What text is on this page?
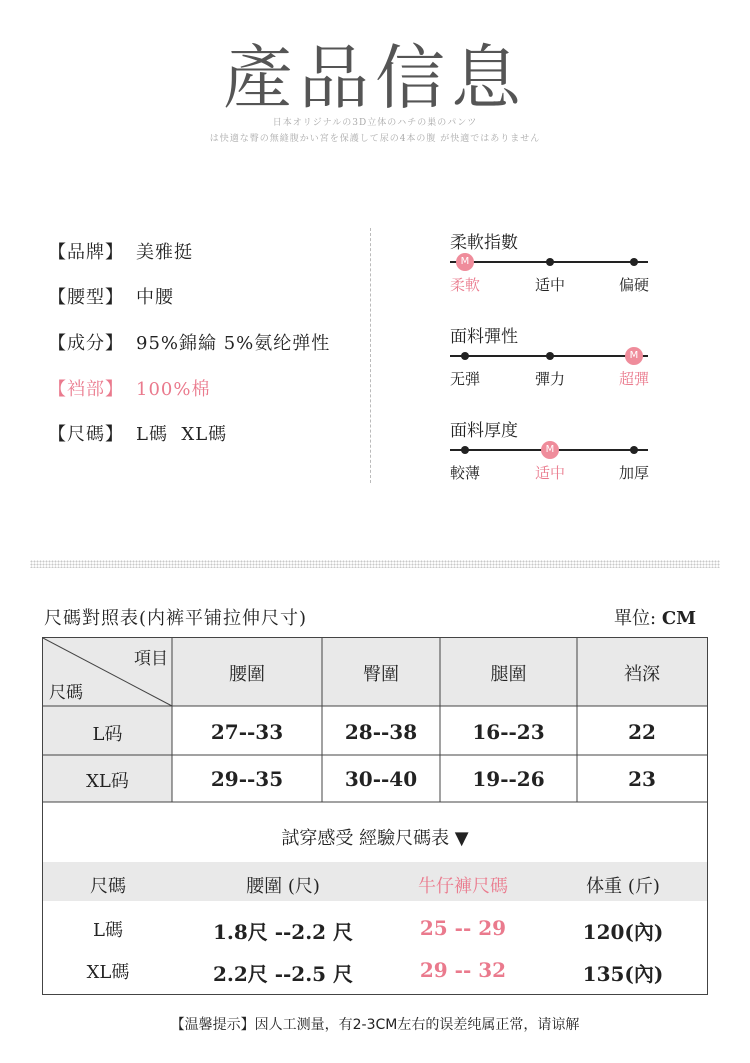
產品信息
日本オリジナルの3D立体のハチの巣のパンツ
は快適な臀の無縫腹かい宮を保護して尿の4本の腹 が快適ではありません
【品牌】 美雅挺
【腰型】 中腰
【成分】 95%錦綸 5%氨纶弹性
【裆部】 100%棉
【尺碼】 L碼  XL碼
柔軟指數
M
柔軟	适中	偏硬
面料彈性
无弾	彈力
M
超彈
面料厚度
較薄
M
适中	加厚
尺碼對照表(内裤平铺拉伸尺寸)	單位: CM
項目
尺碼
腰圍	臀圍	腿圍	裆深
L码	27--33	28--38	16--23	22
XL码	29--35	30--40	19--26	23
試穿感受 經驗尺碼表 ▼
尺碼	腰圍 (尺)	牛仔褲尺碼	体重 (斤)
L碼	1.8尺 --2.2 尺	25 -- 29	120(內)
XL碼	2.2尺 --2.5 尺	29 -- 32	135(內)
【温馨提示】因人工测量，有2-3CM左右的误差纯属正常，请谅解
